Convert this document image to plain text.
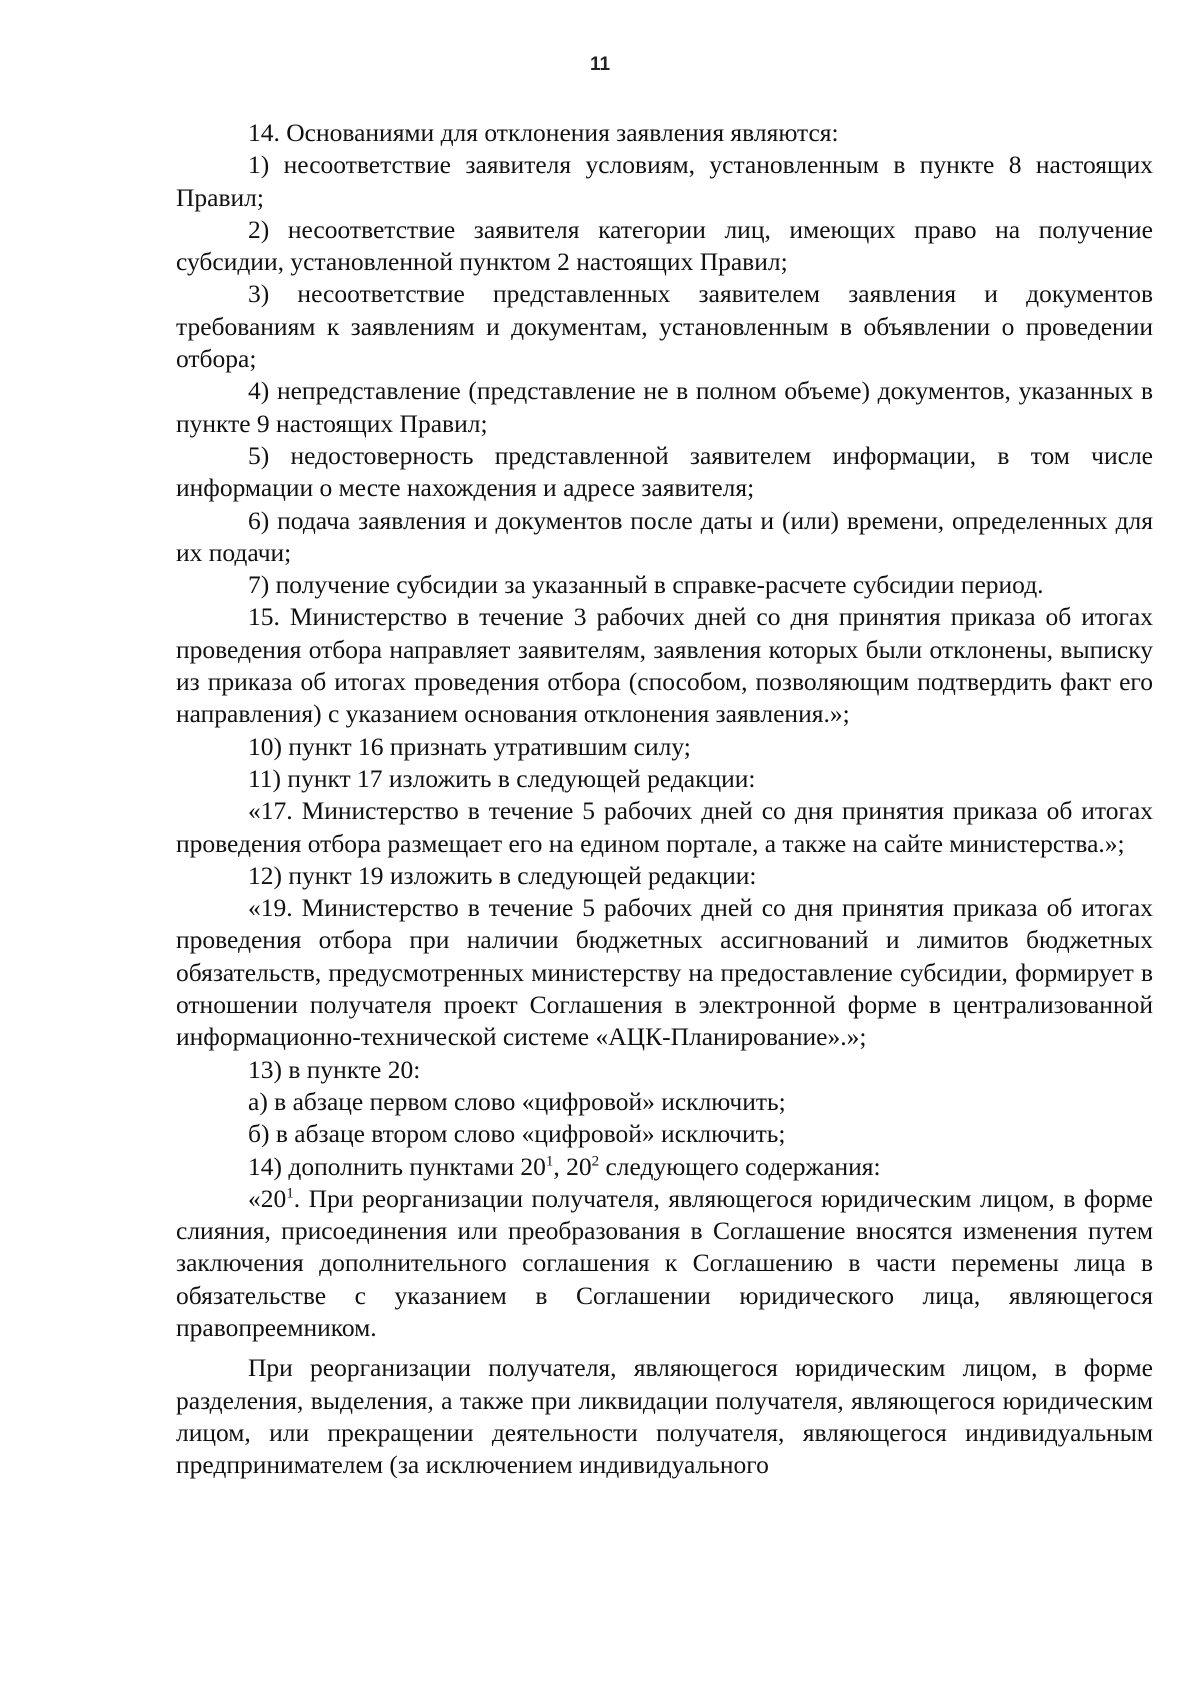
11

14. Основаниями для отклонения заявления являются:

1) несоответствие заявителя условиям, установленным в пункте 8 настоящих Правил;

2) несоответствие заявителя категории лиц, имеющих право на получение субсидии, установленной пунктом 2 настоящих Правил;

3) несоответствие представленных заявителем заявления и документов требованиям к заявлениям и документам, установленным в объявлении о проведении отбора;

4) непредставление (представление не в полном объеме) документов, указанных в пункте 9 настоящих Правил;

5) недостоверность представленной заявителем информации, в том числе информации о месте нахождения и адресе заявителя;

6) подача заявления и документов после даты и (или) времени, определенных для их подачи;

7) получение субсидии за указанный в справке-расчете субсидии период.

15. Министерство в течение 3 рабочих дней со дня принятия приказа об итогах проведения отбора направляет заявителям, заявления которых были отклонены, выписку из приказа об итогах проведения отбора (способом, позволяющим подтвердить факт его направления) с указанием основания отклонения заявления.»;

10) пункт 16 признать утратившим силу;

11) пункт 17 изложить в следующей редакции:

«17. Министерство в течение 5 рабочих дней со дня принятия приказа об итогах проведения отбора размещает его на едином портале, а также на сайте министерства.»;

12) пункт 19 изложить в следующей редакции:

«19. Министерство в течение 5 рабочих дней со дня принятия приказа об итогах проведения отбора при наличии бюджетных ассигнований и лимитов бюджетных обязательств, предусмотренных министерству на предоставление субсидии, формирует в отношении получателя проект Соглашения в электронной форме в централизованной информационно-технической системе «АЦК-Планирование».»;

13) в пункте 20:

а) в абзаце первом слово «цифровой» исключить;

б) в абзаце втором слово «цифровой» исключить;

14) дополнить пунктами $20^1$, $20^2$ следующего содержания:

«$20^1$. При реорганизации получателя, являющегося юридическим лицом, в форме слияния, присоединения или преобразования в Соглашение вносятся изменения путем заключения дополнительного соглашения к Соглашению в части перемены лица в обязательстве с указанием в Соглашении юридического лица, являющегося правопреемником.

При реорганизации получателя, являющегося юридическим лицом, в форме разделения, выделения, а также при ликвидации получателя, являющегося юридическим лицом, или прекращении деятельности получателя, являющегося индивидуальным предпринимателем (за исключением индивидуального
